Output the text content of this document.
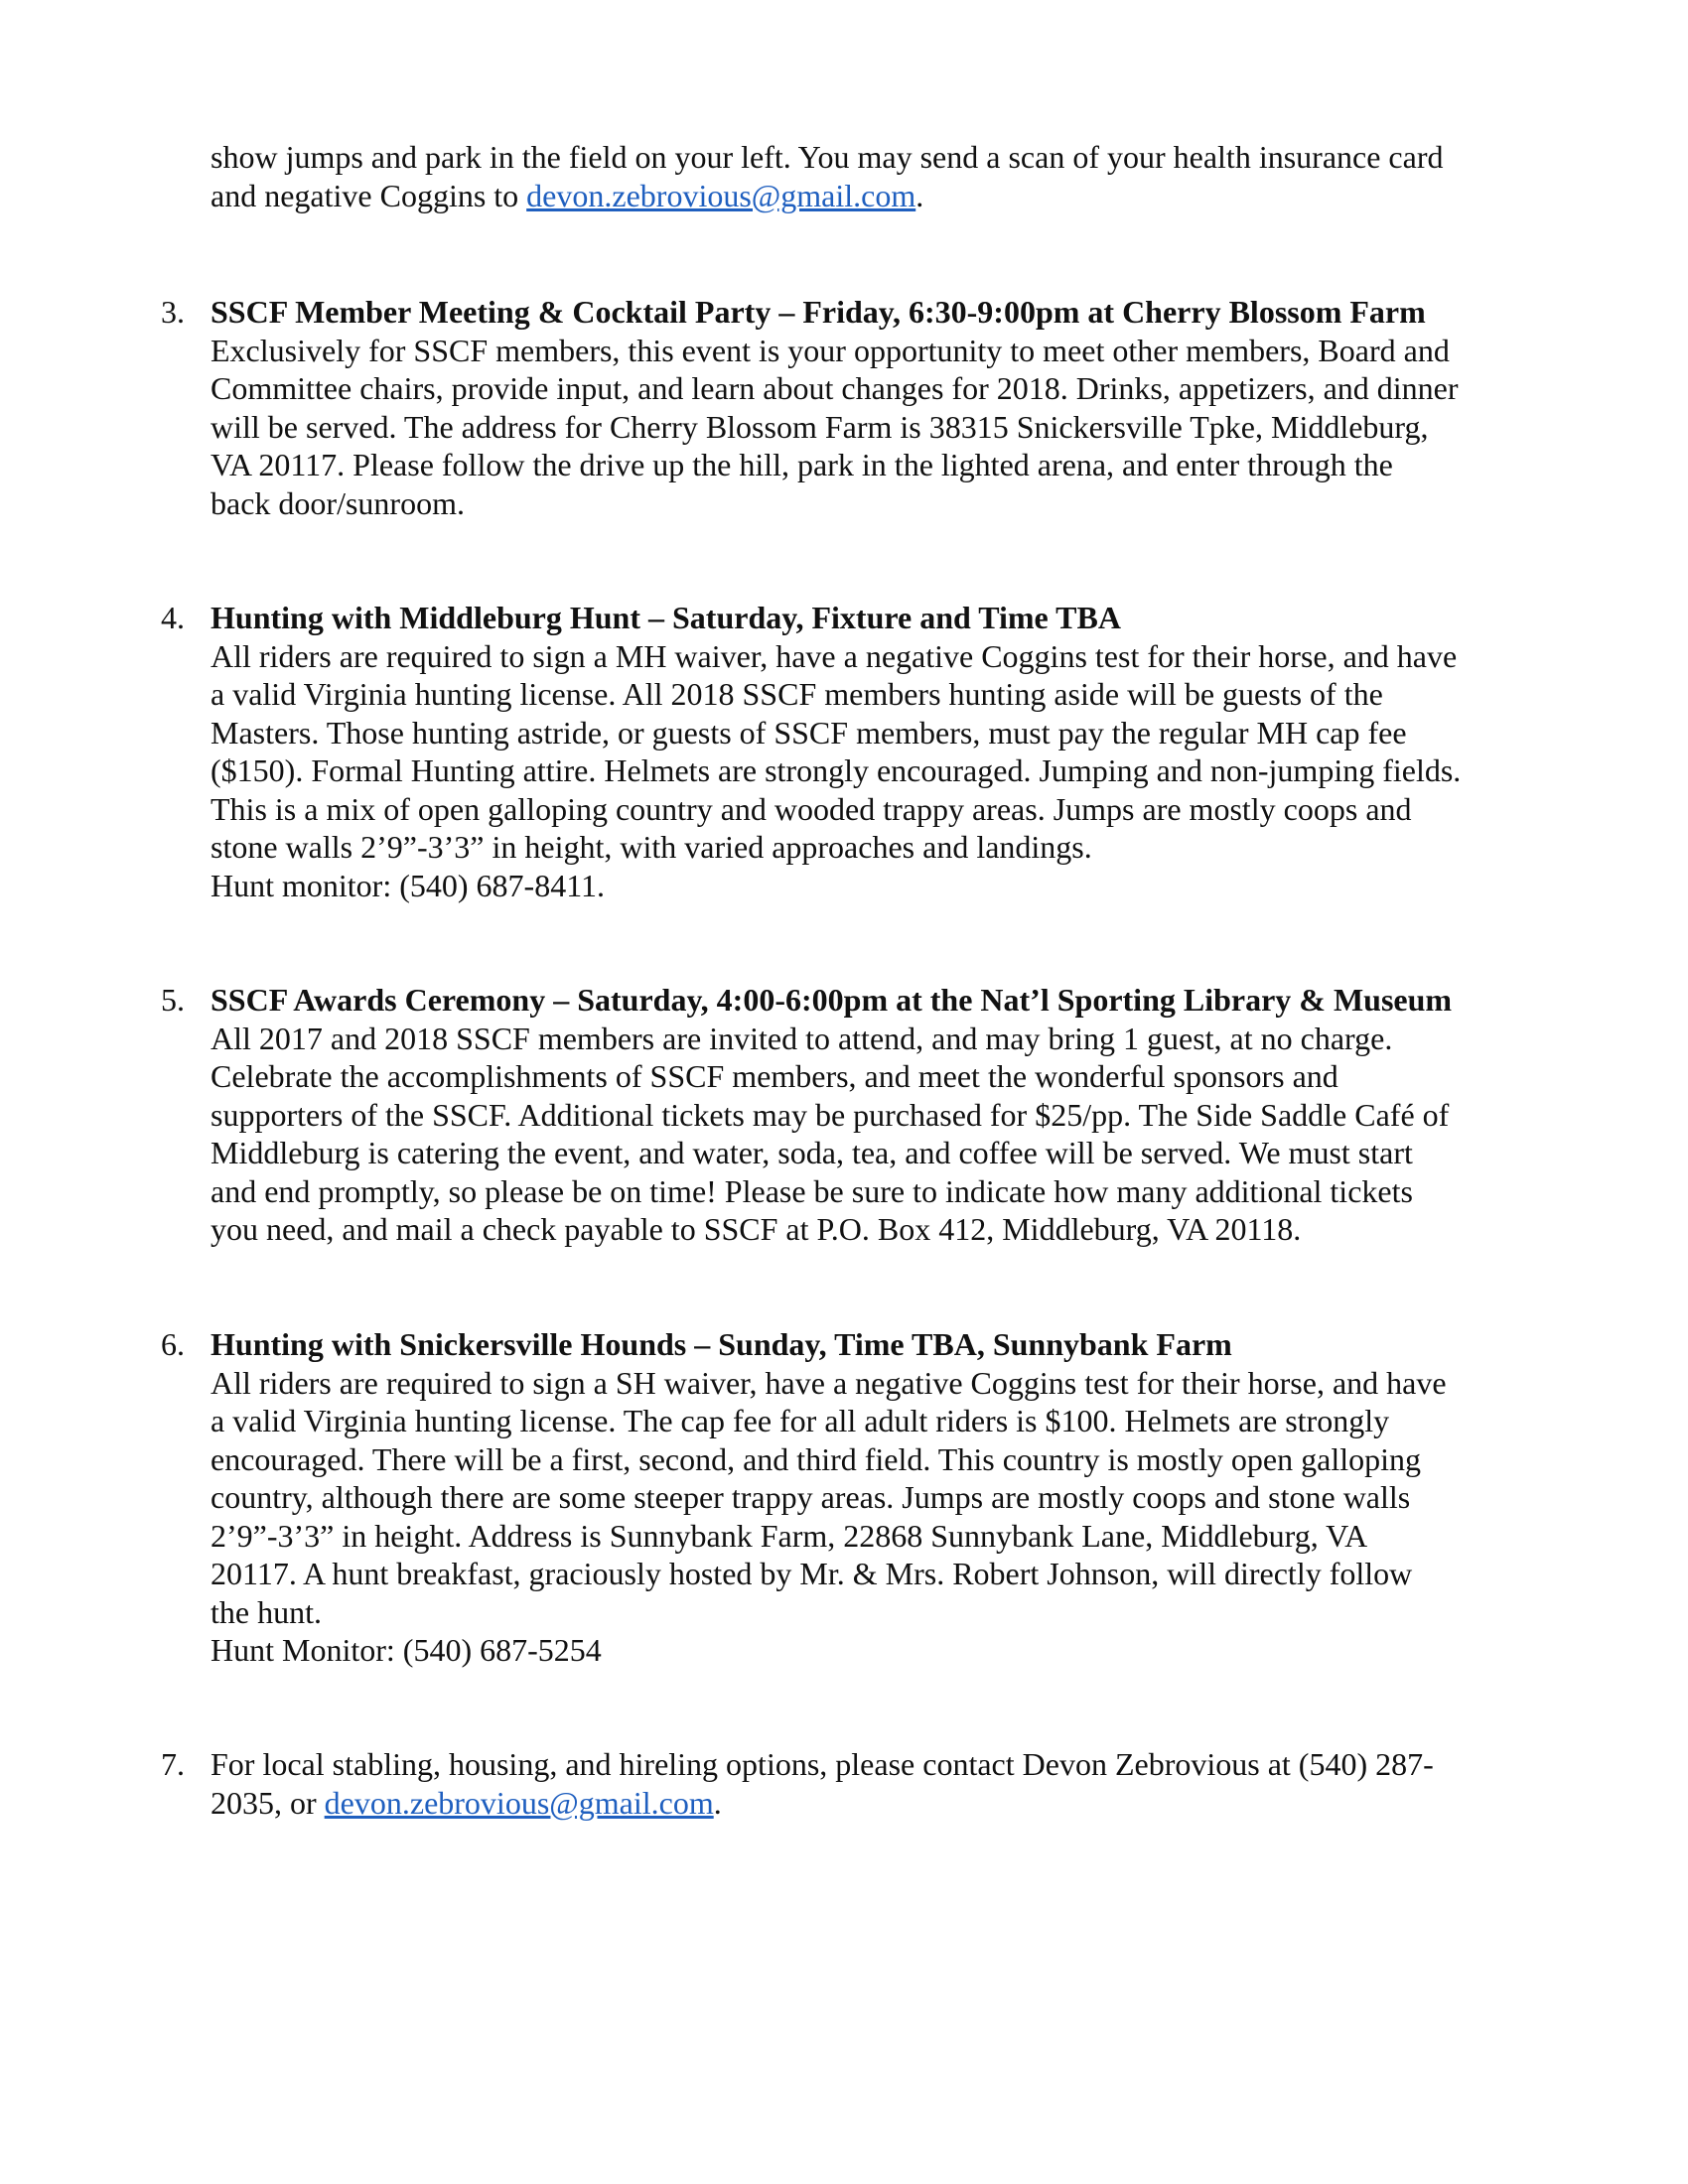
show jumps and park in the field on your left. You may send a scan of your health insurance card
and negative Coggins to devon.zebrovious@gmail.com.
3. SSCF Member Meeting & Cocktail Party – Friday, 6:30-9:00pm at Cherry Blossom Farm
Exclusively for SSCF members, this event is your opportunity to meet other members, Board and
Committee chairs, provide input, and learn about changes for 2018. Drinks, appetizers, and dinner
will be served. The address for Cherry Blossom Farm is 38315 Snickersville Tpke, Middleburg,
VA 20117. Please follow the drive up the hill, park in the lighted arena, and enter through the
back door/sunroom.
4. Hunting with Middleburg Hunt – Saturday, Fixture and Time TBA
All riders are required to sign a MH waiver, have a negative Coggins test for their horse, and have
a valid Virginia hunting license. All 2018 SSCF members hunting aside will be guests of the
Masters. Those hunting astride, or guests of SSCF members, must pay the regular MH cap fee
($150). Formal Hunting attire. Helmets are strongly encouraged. Jumping and non-jumping fields.
This is a mix of open galloping country and wooded trappy areas. Jumps are mostly coops and
stone walls 2’9”-3’3” in height, with varied approaches and landings.
Hunt monitor: (540) 687-8411.
5. SSCF Awards Ceremony – Saturday, 4:00-6:00pm at the Nat’l Sporting Library & Museum
All 2017 and 2018 SSCF members are invited to attend, and may bring 1 guest, at no charge.
Celebrate the accomplishments of SSCF members, and meet the wonderful sponsors and
supporters of the SSCF. Additional tickets may be purchased for $25/pp. The Side Saddle Café of
Middleburg is catering the event, and water, soda, tea, and coffee will be served. We must start
and end promptly, so please be on time! Please be sure to indicate how many additional tickets
you need, and mail a check payable to SSCF at P.O. Box 412, Middleburg, VA 20118.
6. Hunting with Snickersville Hounds – Sunday, Time TBA, Sunnybank Farm
All riders are required to sign a SH waiver, have a negative Coggins test for their horse, and have
a valid Virginia hunting license. The cap fee for all adult riders is $100. Helmets are strongly
encouraged. There will be a first, second, and third field. This country is mostly open galloping
country, although there are some steeper trappy areas. Jumps are mostly coops and stone walls
2’9”-3’3” in height. Address is Sunnybank Farm, 22868 Sunnybank Lane, Middleburg, VA
20117. A hunt breakfast, graciously hosted by Mr. & Mrs. Robert Johnson, will directly follow
the hunt.
Hunt Monitor: (540) 687-5254
7. For local stabling, housing, and hireling options, please contact Devon Zebrovious at (540) 287-
2035, or devon.zebrovious@gmail.com.
